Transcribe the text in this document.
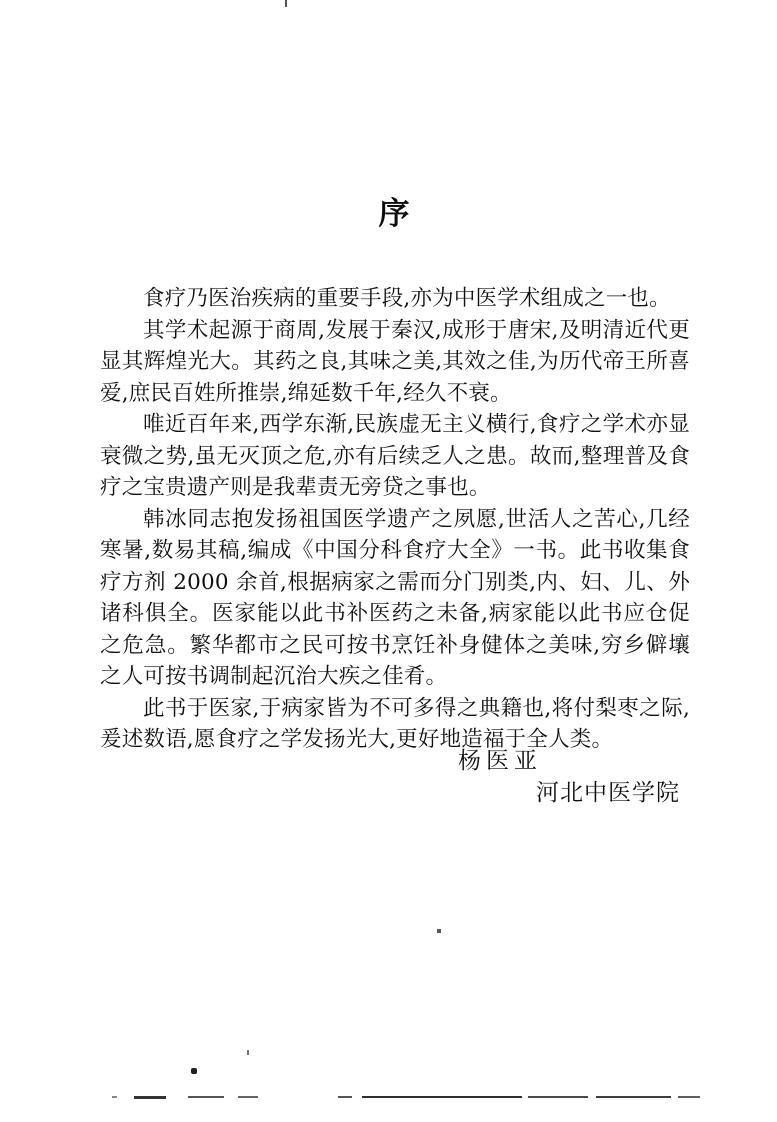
序

食疗乃医治疾病的重要手段,亦为中医学术组成之一也。

其学术起源于商周,发展于秦汉,成形于唐宋,及明清近代更显其辉煌光大。其药之良,其味之美,其效之佳,为历代帝王所喜爱,庶民百姓所推崇,绵延数千年,经久不衰。

唯近百年来,西学东渐,民族虚无主义横行,食疗之学术亦显衰微之势,虽无灭顶之危,亦有后续乏人之患。故而,整理普及食疗之宝贵遗产则是我辈责无旁贷之事也。

韩冰同志抱发扬祖国医学遗产之夙愿,世活人之苦心,几经寒暑,数易其稿,编成《中国分科食疗大全》一书。此书收集食疗方剂 2000 余首,根据病家之需而分门别类,内、妇、儿、外诸科俱全。医家能以此书补医药之未备,病家能以此书应仓促之危急。繁华都市之民可按书烹饪补身健体之美味,穷乡僻壤之人可按书调制起沉治大疾之佳肴。

此书于医家,于病家皆为不可多得之典籍也,将付梨枣之际,爰述数语,愿食疗之学发扬光大,更好地造福于全人类。

杨医亚
河北中医学院
